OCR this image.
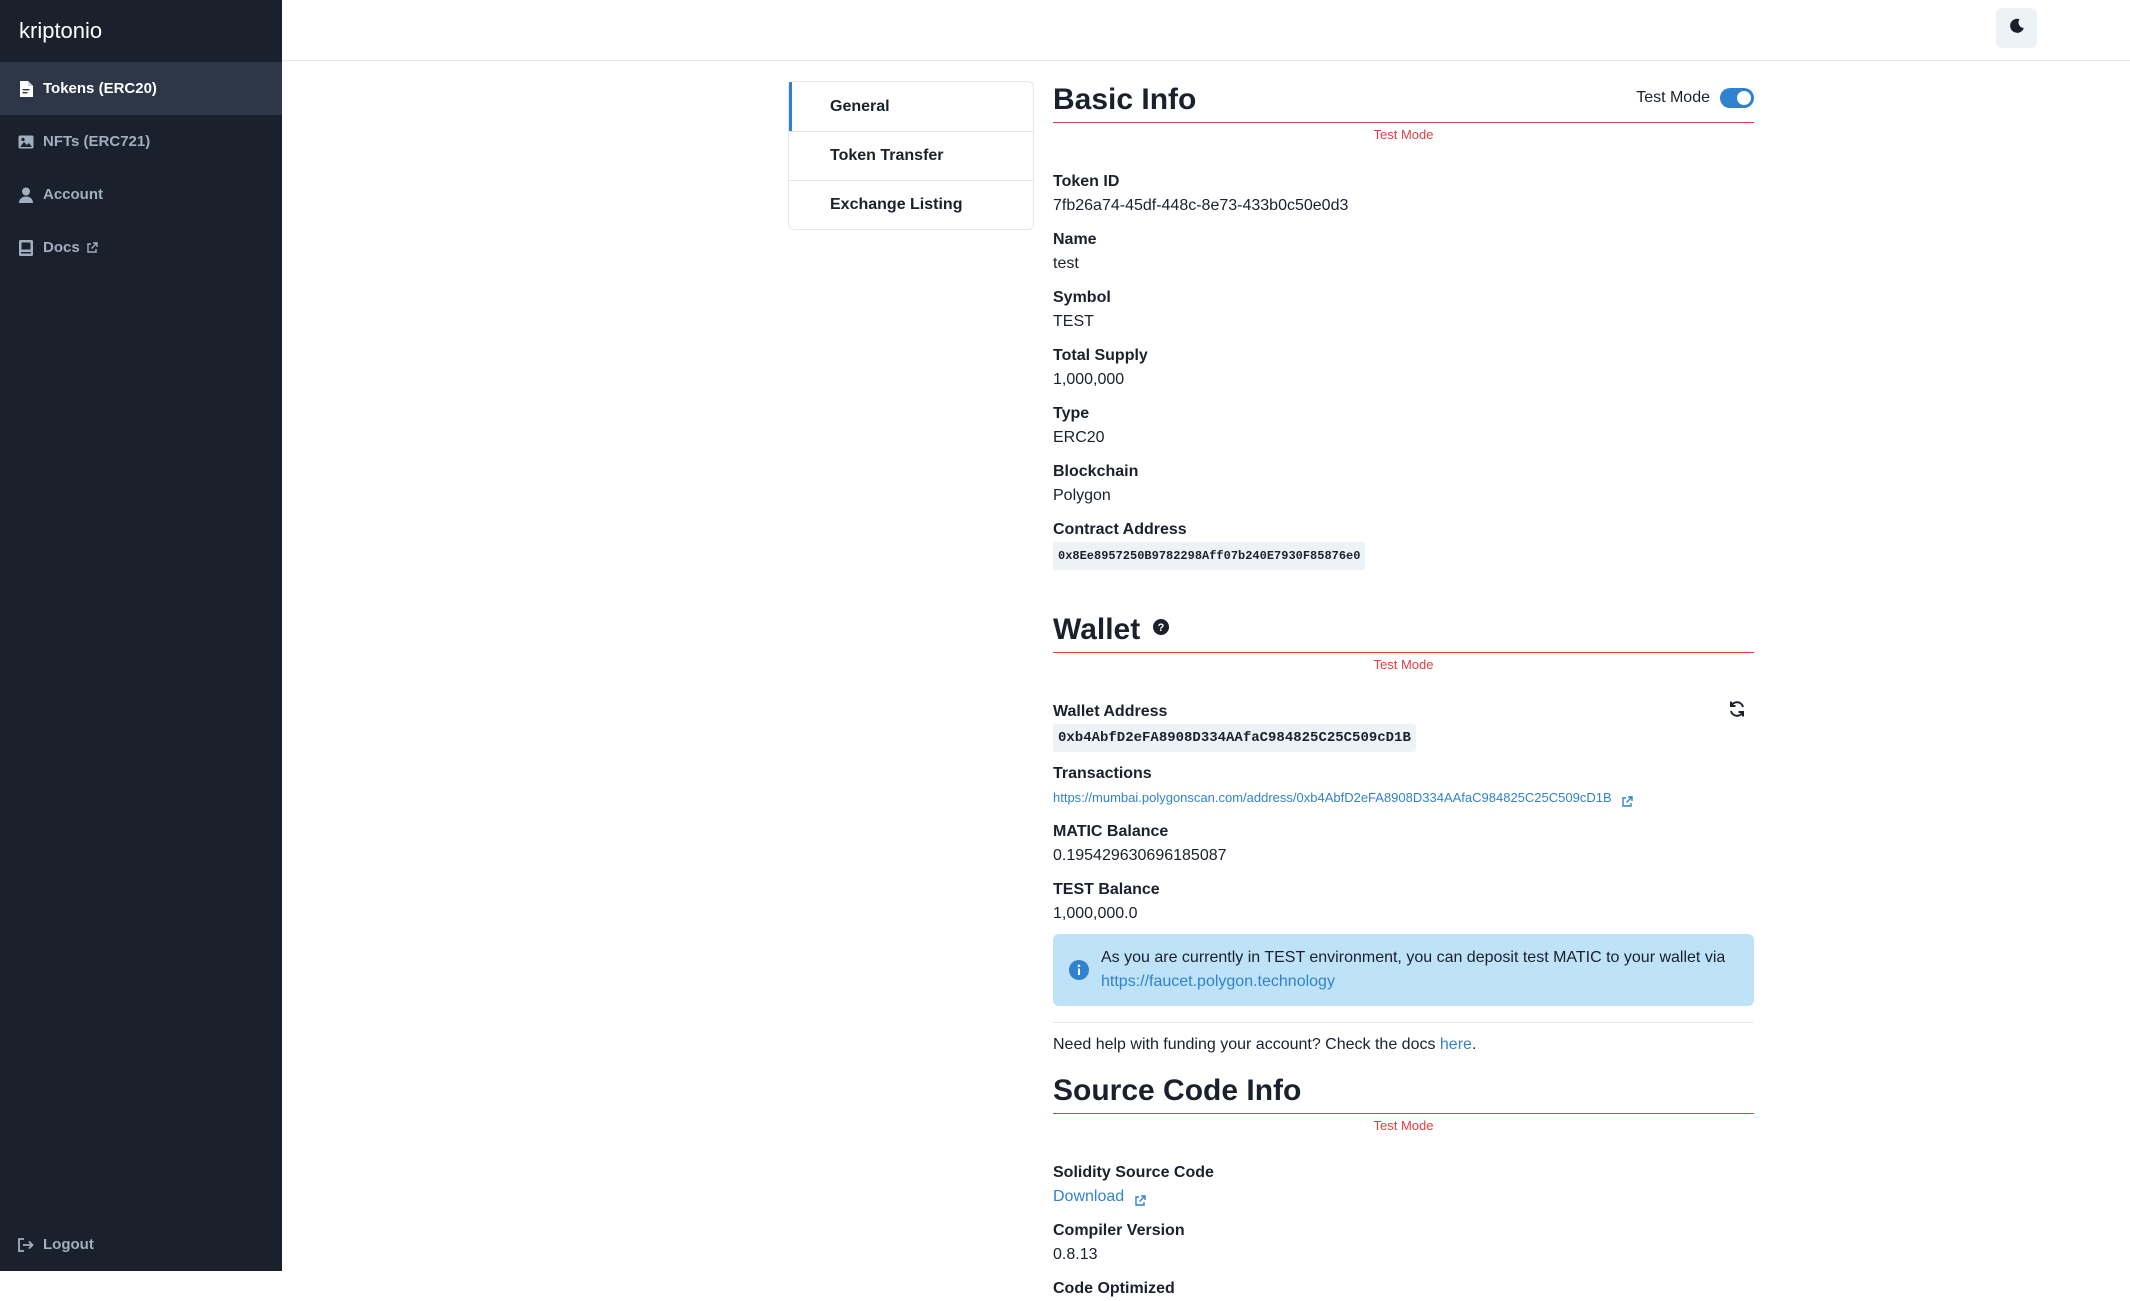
kriptonio
Tokens (ERC20)
NFTs (ERC721)
Account
Docs
Logout
General
Token Transfer
Exchange Listing
Basic Info	Test Mode
Test Mode
Token ID
7fb26a74-45df-448c-8e73-433b0c50e0d3
Name
test
Symbol
TEST
Total Supply
1,000,000
Type
ERC20
Blockchain
Polygon
Contract Address
0x8Ee8957250B9782298Aff07b240E7930F85876e0
Wallet ?
Test Mode
Wallet Address
0xb4AbfD2eFA8908D334AAfaC984825C25C509cD1B
Transactions
https://mumbai.polygonscan.com/address/0xb4AbfD2eFA8908D334AAfaC984825C25C509cD1B
MATIC Balance
0.195429630696185087
TEST Balance
1,000,000.0
As you are currently in TEST environment, you can deposit test MATIC to your wallet via
https://faucet.polygon.technology
Need help with funding your account? Check the docs here.
Source Code Info
Test Mode
Solidity Source Code
Download
Compiler Version
0.8.13
Code Optimized
